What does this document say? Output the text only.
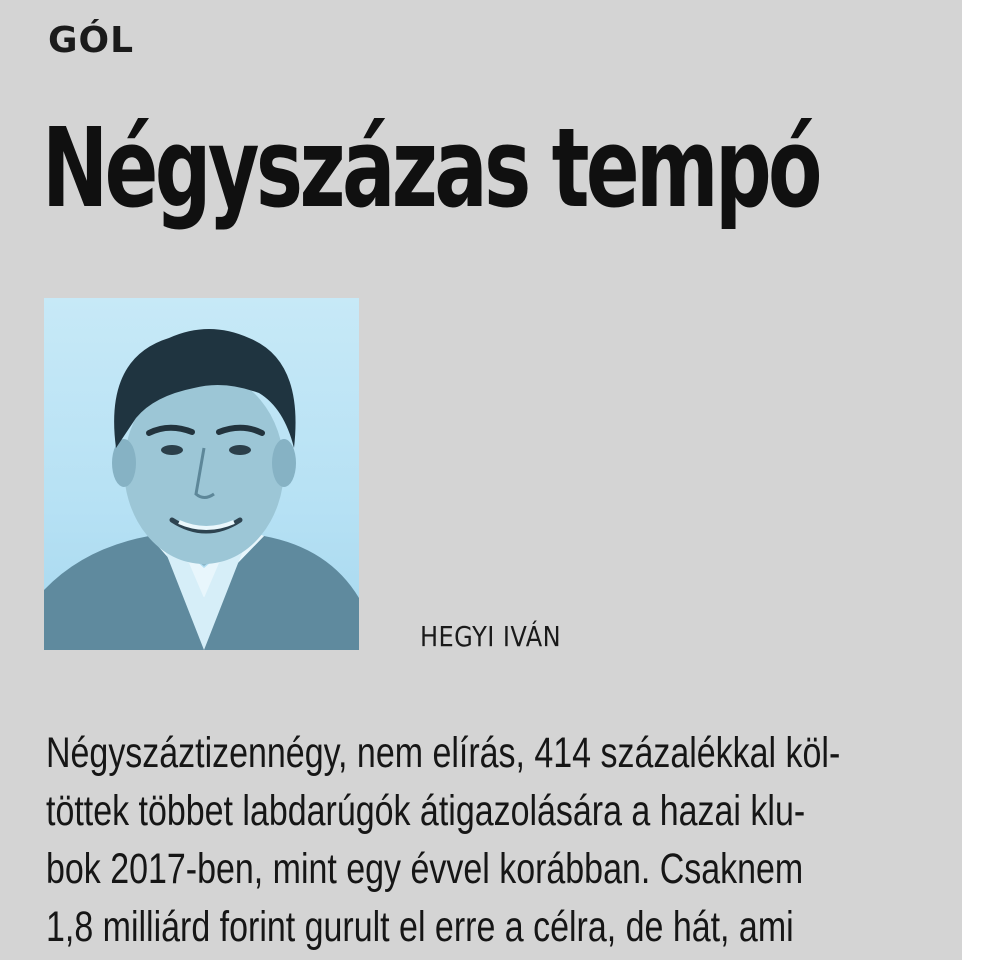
GÓL
Négyszázas tempó
HEGYI IVÁN

Négyszáztizennégy, nem elírás, 414 százalékkal köl-
töttek többet labdarúgók átigazolására a hazai klu-
bok 2017-ben, mint egy évvel korábban. Csaknem
1,8 milliárd forint gurult el erre a célra, de hát, ami
